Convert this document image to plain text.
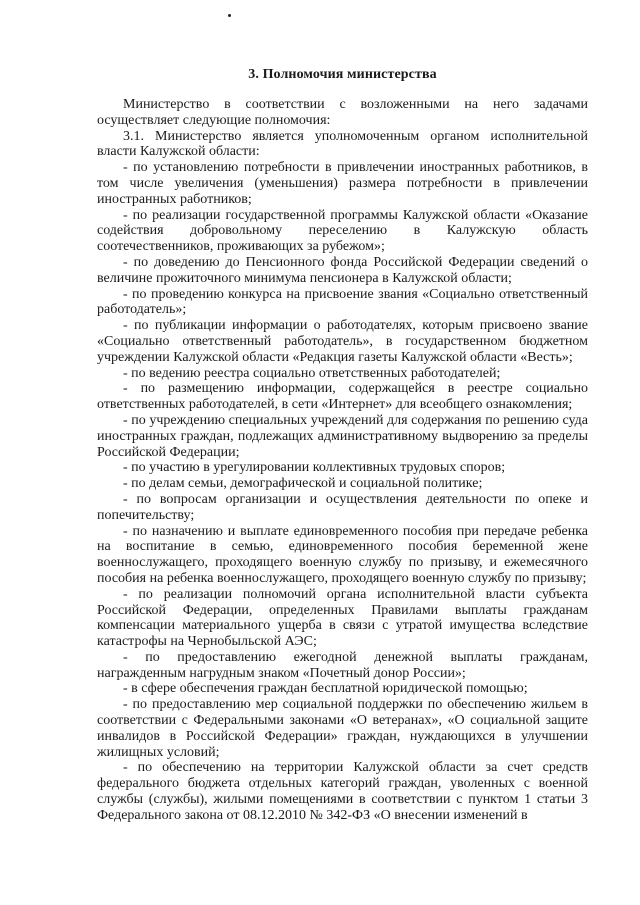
3. Полномочия министерства

Министерство в соответствии с возложенными на него задачами осуществляет следующие полномочия:

3.1. Министерство является уполномоченным органом исполнительной власти Калужской области:

- по установлению потребности в привлечении иностранных работников, в том числе увеличения (уменьшения) размера потребности в привлечении иностранных работников;

- по реализации государственной программы Калужской области «Оказание содействия добровольному переселению в Калужскую область соотечественников, проживающих за рубежом»;

- по доведению до Пенсионного фонда Российской Федерации сведений о величине прожиточного минимума пенсионера в Калужской области;

- по проведению конкурса на присвоение звания «Социально ответственный работодатель»;

- по публикации информации о работодателях, которым присвоено звание «Социально ответственный работодатель», в государственном бюджетном учреждении Калужской области «Редакция газеты Калужской области «Весть»;

- по ведению реестра социально ответственных работодателей;

- по размещению информации, содержащейся в реестре социально ответственных работодателей, в сети «Интернет» для всеобщего ознакомления;

- по учреждению специальных учреждений для содержания по решению суда иностранных граждан, подлежащих административному выдворению за пределы Российской Федерации;

- по участию в урегулировании коллективных трудовых споров;

- по делам семьи, демографической и социальной политике;

- по вопросам организации и осуществления деятельности по опеке и попечительству;

- по назначению и выплате единовременного пособия при передаче ребенка на воспитание в семью, единовременного пособия беременной жене военнослужащего, проходящего военную службу по призыву, и ежемесячного пособия на ребенка военнослужащего, проходящего военную службу по призыву;

- по реализации полномочий органа исполнительной власти субъекта Российской Федерации, определенных Правилами выплаты гражданам компенсации материального ущерба в связи с утратой имущества вследствие катастрофы на Чернобыльской АЭС;

- по предоставлению ежегодной денежной выплаты гражданам, награжденным нагрудным знаком «Почетный донор России»;

- в сфере обеспечения граждан бесплатной юридической помощью;

- по предоставлению мер социальной поддержки по обеспечению жильем в соответствии с Федеральными законами «О ветеранах», «О социальной защите инвалидов в Российской Федерации» граждан, нуждающихся в улучшении жилищных условий;

- по обеспечению на территории Калужской области за счет средств федерального бюджета отдельных категорий граждан, уволенных с военной службы (службы), жилыми помещениями в соответствии с пунктом 1 статьи 3 Федерального закона от 08.12.2010 № 342-ФЗ «О внесении изменений в
